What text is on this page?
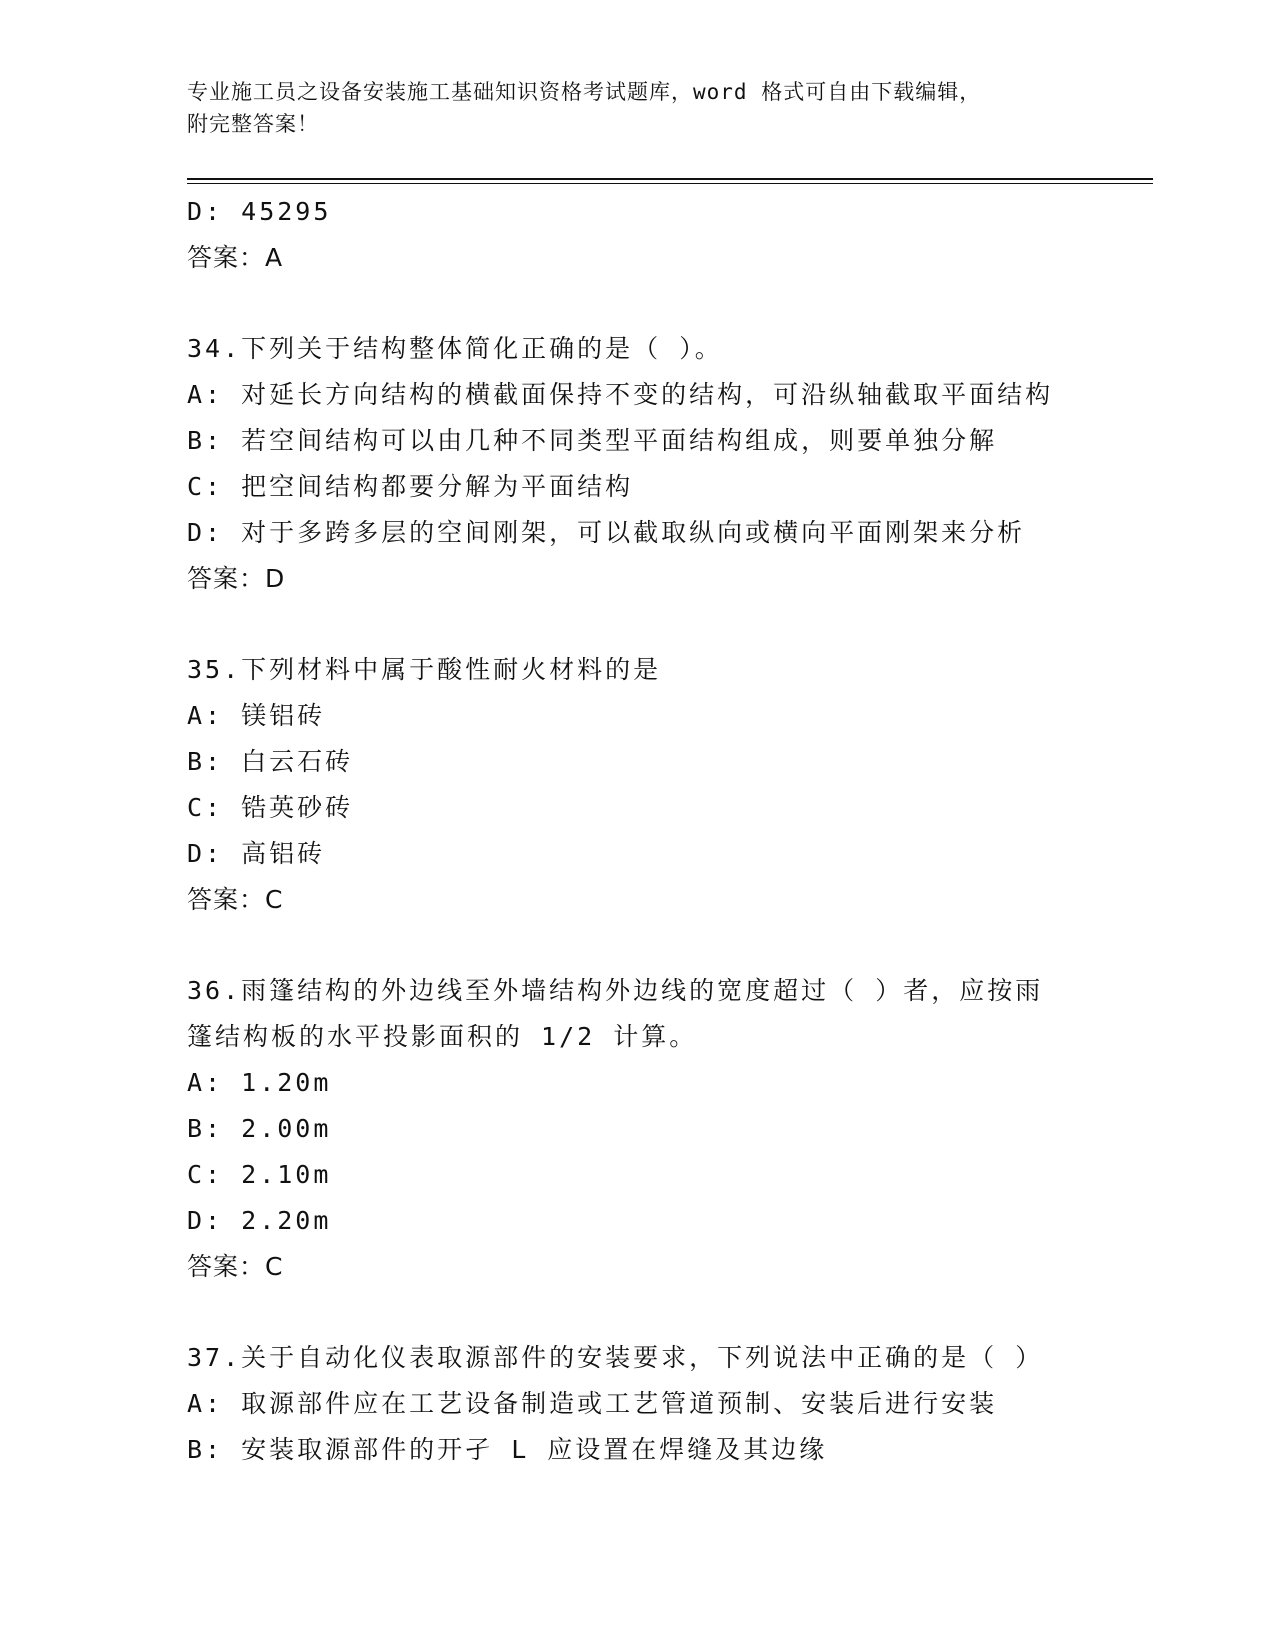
专业施工员之设备安装施工基础知识资格考试题库，word 格式可自由下载编辑，
附完整答案！
D: 45295
答案：A
34.下列关于结构整体简化正确的是（ ）。
A: 对延长方向结构的横截面保持不变的结构，可沿纵轴截取平面结构
B: 若空间结构可以由几种不同类型平面结构组成，则要单独分解
C: 把空间结构都要分解为平面结构
D: 对于多跨多层的空间刚架，可以截取纵向或横向平面刚架来分析
答案：D
35.下列材料中属于酸性耐火材料的是
A: 镁铝砖
B: 白云石砖
C: 锆英砂砖
D: 高铝砖
答案：C
36.雨篷结构的外边线至外墙结构外边线的宽度超过（ ）者，应按雨
篷结构板的水平投影面积的 1/2 计算。
A: 1.20m
B: 2.00m
C: 2.10m
D: 2.20m
答案：C
37.关于自动化仪表取源部件的安装要求，下列说法中正确的是（ ）
A: 取源部件应在工艺设备制造或工艺管道预制、安装后进行安装
B: 安装取源部件的开孑 L 应设置在焊缝及其边缘
